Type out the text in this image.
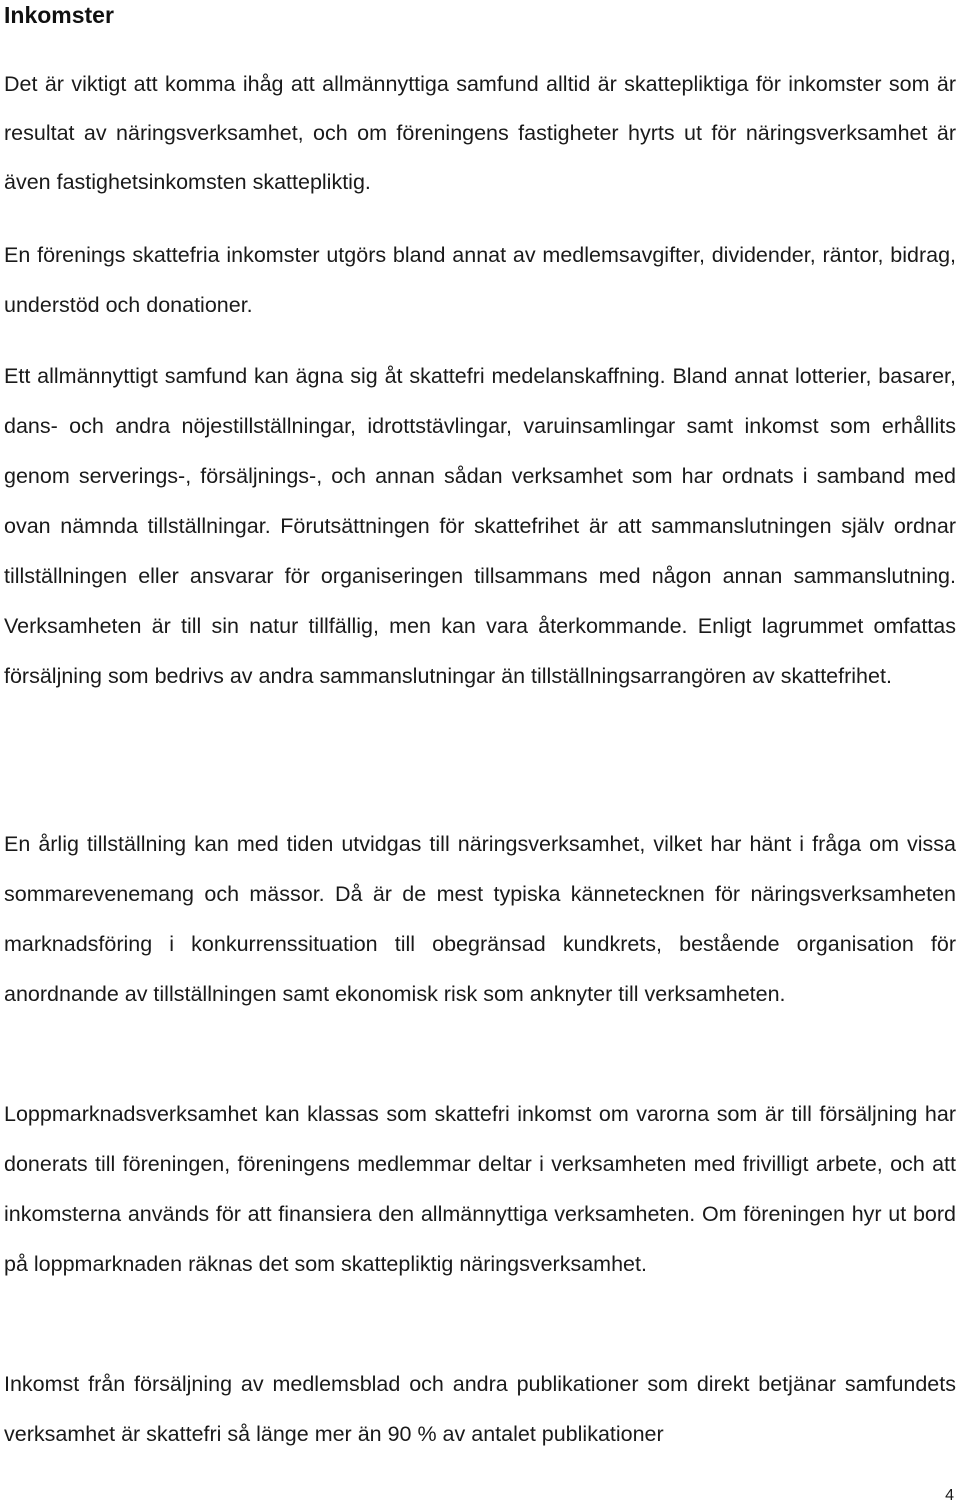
Inkomster

Det är viktigt att komma ihåg att allmännyttiga samfund alltid är skattepliktiga för inkomster som är resultat av näringsverksamhet, och om föreningens fastigheter hyrts ut för näringsverksamhet är även fastighetsinkomsten skattepliktig.

En förenings skattefria inkomster utgörs bland annat av medlemsavgifter, dividender, räntor, bidrag, understöd och donationer.

Ett allmännyttigt samfund kan ägna sig åt skattefri medelanskaffning. Bland annat lotterier, basarer, dans- och andra nöjestillställningar, idrottstävlingar, varuinsamlingar samt inkomst som erhållits genom serverings-, försäljnings-, och annan sådan verksamhet som har ordnats i samband med ovan nämnda tillställningar. Förutsättningen för skattefrihet är att sammanslutningen själv ordnar tillställningen eller ansvarar för organiseringen tillsammans med någon annan sammanslutning. Verksamheten är till sin natur tillfällig, men kan vara återkommande. Enligt lagrummet omfattas försäljning som bedrivs av andra sammanslutningar än tillställningsarrangören av skattefrihet.

En årlig tillställning kan med tiden utvidgas till näringsverksamhet, vilket har hänt i fråga om vissa sommarevenemang och mässor. Då är de mest typiska kännetecknen för näringsverksamheten marknadsföring i konkurrenssituation till obegränsad kundkrets, bestående organisation för anordnande av tillställningen samt ekonomisk risk som anknyter till verksamheten.

Loppmarknadsverksamhet kan klassas som skattefri inkomst om varorna som är till försäljning har donerats till föreningen, föreningens medlemmar deltar i verksamheten med frivilligt arbete, och att inkomsterna används för att finansiera den allmännyttiga verksamheten. Om föreningen hyr ut bord på loppmarknaden räknas det som skattepliktig näringsverksamhet.

Inkomst från försäljning av medlemsblad och andra publikationer som direkt betjänar samfundets verksamhet är skattefri så länge mer än 90 % av antalet publikationer

4
